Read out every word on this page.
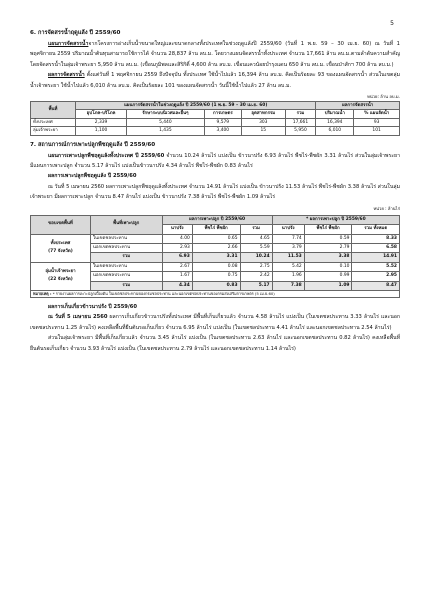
5
6. การจัดสรรน้ำฤดูแล้ง ปี 2559/60

แผนการจัดสรรน้ำจากโครงการอ่างเก็บน้ำขนาดใหญ่และขนาดกลางทั้งประเทศในช่วงฤดูแล้งปี 2559/60 (วันที่ 1 พ.ย. 59 – 30 เม.ย. 60) ณ วันที่ 1 พฤศจิกายน 2559 ปริมาณน้ำต้นทุนสามารถใช้การได้ จำนวน 28,837 ล้าน ลบ.ม. โดยวางแผนจัดสรรน้ำทั้งประเทศ จำนวน 17,661 ล้าน ลบ.ม.ตามลำดับความสำคัญ โดยจัดสรรน้ำในลุ่มเจ้าพระยา 5,950 ล้าน ลบ.ม. (เขื่อนภูมิพลและสิริกิติ์ 4,600 ล้าน ลบ.ม. เขื่อนแควน้อยบำรุงแดน 650 ล้าน ลบ.ม. เขื่อนป่าสักฯ 700 ล้าน ลบ.ม.)

ผลการจัดสรรน้ำ ตั้งแต่วันที่ 1 พฤศจิกายน 2559 ถึงปัจจุบัน ทั้งประเทศ ใช้น้ำไปแล้ว 16,394 ล้าน ลบ.ม. คิดเป็นร้อยละ 93 ของแผนจัดสรรน้ำ ส่วนในเขตลุ่มน้ำเจ้าพระยา ใช้น้ำไปแล้ว 6,010 ล้าน ลบ.ม. คิดเป็นร้อยละ 101 ของแผนจัดสรรน้ำ วันนี้ใช้น้ำไปแล้ว 27 ล้าน ลบ.ม.

หน่วย: ล้าน ลบ.ม.
พื้นที่	แผนการจัดสรรน้ำในช่วงฤดูแล้ง ปี 2559/60 (1 พ.ย. 59 – 30 เม.ย. 60)					ผลการจัดสรรน้ำ	
	อุปโภค-บริโภค	รักษาระบบนิเวศและอื่นๆ	การเกษตร	อุตสาหกรรม	รวม	ปริมาณน้ำ	% แผนจัดน้ำ
ทั้งประเทศ	2,339	5,440	9,579	303	17,661	16,394	93
ลุ่มเจ้าพระยา	1,100	1,435	3,400	15	5,950	6,010	101
7. สถานการณ์การเพาะปลูกพืชฤดูแล้ง ปี 2559/60

แผนการเพาะปลูกพืชฤดูแล้งทั้งประเทศ ปี 2559/60 จำนวน 10.24 ล้านไร่ แบ่งเป็น ข้าวนาปรัง 6.93 ล้านไร่ พืชไร่-พืชผัก 3.31 ล้านไร่ ส่วนในลุ่มเจ้าพระยา มีแผนการเพาะปลูก จำนวน 5.17 ล้านไร่ แบ่งเป็นข้าวนาปรัง 4.34 ล้านไร่ พืชไร่-พืชผัก 0.83 ล้านไร่

ผลการเพาะปลูกพืชฤดูแล้ง ปี 2559/60

ณ วันที่ 5 เมษายน 2560 ผลการเพาะปลูกพืชฤดูแล้งทั้งประเทศ จำนวน 14.91 ล้านไร่ แบ่งเป็น ข้าวนาปรัง 11.53 ล้านไร่ พืชไร่-พืชผัก 3.38 ล้านไร่ ส่วนในลุ่มเจ้าพระยา มีผลการเพาะปลูก จำนวน 8.47 ล้านไร่ แบ่งเป็น ข้าวนาปรัง 7.38 ล้านไร่ พืชไร่-พืชผัก 1.09 ล้านไร่

หน่วย : ล้านไร่
ขอบเขตพื้นที่	พื้นที่เพาะปลูก	ผลการเพาะปลูก ปี 2559/60			* ผลการเพาะปลูก ปี 2559/60		
		นาปรัง	พืชไร่ พืชผัก	รวม	นาปรัง	พืชไร่ พืชผัก	รวม ทั้งหมด
ทั้งประเทศ
(77 จังหวัด)	ในเขตชลประทาน	4.00	0.65	4.65	7.74	0.59	8.33
	นอกเขตชลประทาน	2.93	2.66	5.59	3.79	2.79	6.58
	รวม	6.93	3.31	10.24	11.53	3.38	14.91
ลุ่มน้ำเจ้าพระยา
(22 จังหวัด)	ในเขตชลประทาน	2.67	0.08	2.75	5.42	0.10	5.52
	นอกเขตชลประทาน	1.67	0.75	2.42	1.96	0.99	2.95
	รวม	4.34	0.83	5.17	7.38	1.09	8.47
หมายเหตุ : * รายงานผลการเพาะปลูกเบื้องต้น ในเขตชลประทานของกรมชลประทาน และนอกเขตชลประทานของกรมส่งเสริมการเกษตร (5 เม.ย.60)

ผลการเก็บเกี่ยวข้าวนาปรัง ปี 2559/60

ณ วันที่ 5 เมษายน 2560 ผลการเก็บเกี่ยวข้าวนาปรังทั้งประเทศ มีพื้นที่เก็บเกี่ยวแล้ว จำนวน 4.58 ล้านไร่ แบ่งเป็น (ในเขตชลประทาน 3.33 ล้านไร่ และนอกเขตชลประทาน 1.25 ล้านไร่) คงเหลือพื้นที่ยืนต้นรอเก็บเกี่ยว จำนวน 6.95 ล้านไร่ แบ่งเป็น (ในเขตชลประทาน 4.41 ล้านไร่ และนอกเขตชลประทาน 2.54 ล้านไร่)

ส่วนในลุ่มเจ้าพระยา มีพื้นที่เก็บเกี่ยวแล้ว จำนวน 3.45 ล้านไร่ แบ่งเป็น (ในเขตชลประทาน 2.63 ล้านไร่ และนอกเขตชลประทาน 0.82 ล้านไร่) คงเหลือพื้นที่ยืนต้นรอเก็บเกี่ยว จำนวน 3.93 ล้านไร่ แบ่งเป็น (ในเขตชลประทาน 2.79 ล้านไร่ และนอกเขตชลประทาน 1.14 ล้านไร่)
